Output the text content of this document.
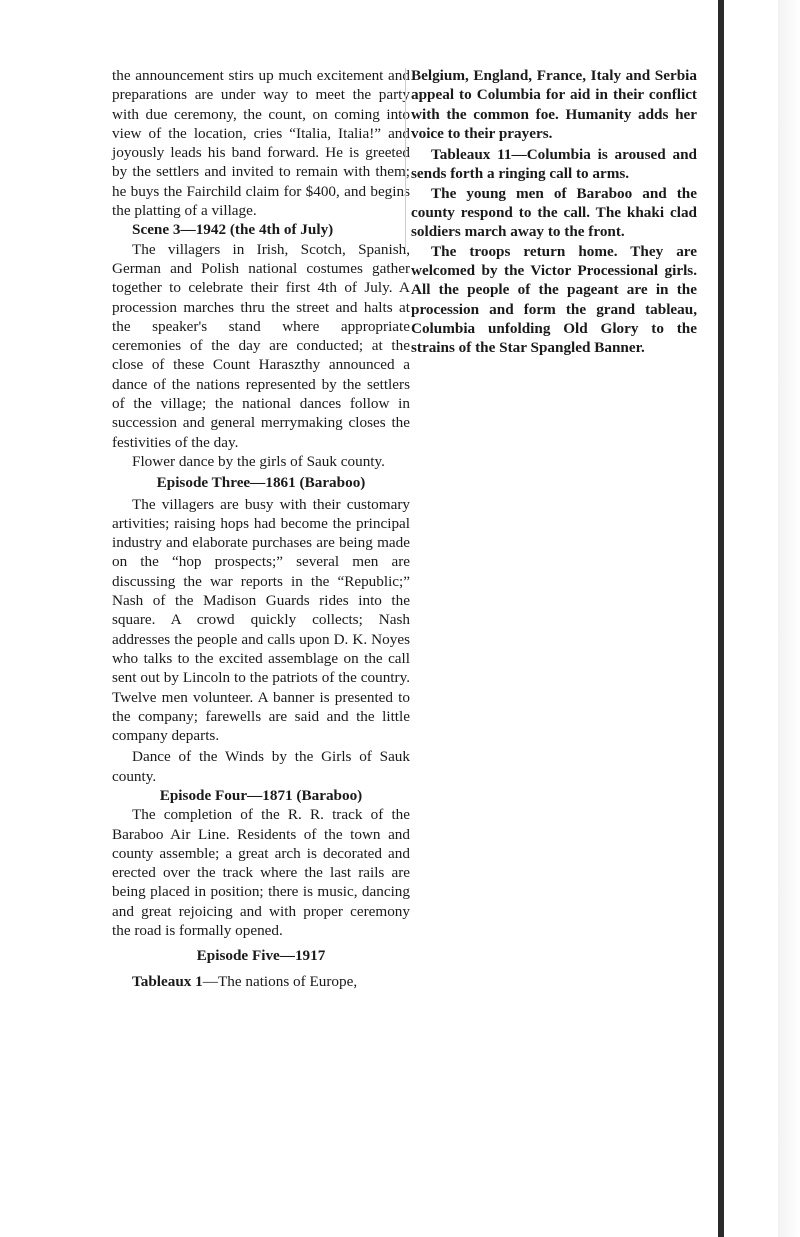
the announcement stirs up much excitement and preparations are under way to meet the party with due ceremony, the count, on coming into view of the location, cries “Italia, Italia!” and joyously leads his band forward. He is greeted by the settlers and invited to remain with them; he buys the Fairchild claim for $400, and begins the platting of a village.

Scene 3—1942 (the 4th of July)

The villagers in Irish, Scotch, Spanish, German and Polish national costumes gather together to celebrate their first 4th of July. A procession marches thru the street and halts at the speaker's stand where appropriate ceremonies of the day are conducted; at the close of these Count Haraszthy announced a dance of the nations represented by the settlers of the village; the national dances follow in succession and general merrymaking closes the festivities of the day.

Flower dance by the girls of Sauk county.

Episode Three—1861 (Baraboo)

The villagers are busy with their customary artivities; raising hops had become the principal industry and elaborate purchases are being made on the “hop prospects;” several men are discussing the war reports in the “Republic;” Nash of the Madison Guards rides into the square. A crowd quickly collects; Nash addresses the people and calls upon D. K. Noyes who talks to the excited assemblage on the call sent out by Lincoln to the patriots of the country. Twelve men volunteer. A banner is presented to the company; farewells are said and the little company departs.

Dance of the Winds by the Girls of Sauk county.

Episode Four—1871 (Baraboo)

The completion of the R. R. track of the Baraboo Air Line. Residents of the town and county assemble; a great arch is decorated and erected over the track where the last rails are being placed in position; there is music, dancing and great rejoicing and with proper ceremony the road is formally opened.

Episode Five—1917

Tableaux 1—The nations of Europe,

Belgium, England, France, Italy and Serbia appeal to Columbia for aid in their conflict with the common foe. Humanity adds her voice to their prayers.

Tableaux 11—Columbia is aroused and sends forth a ringing call to arms.

The young men of Baraboo and the county respond to the call. The khaki clad soldiers march away to the front.

The troops return home. They are welcomed by the Victor Processional girls. All the people of the pageant are in the procession and form the grand tableau, Columbia unfolding Old Glory to the strains of the Star Spangled Banner.
